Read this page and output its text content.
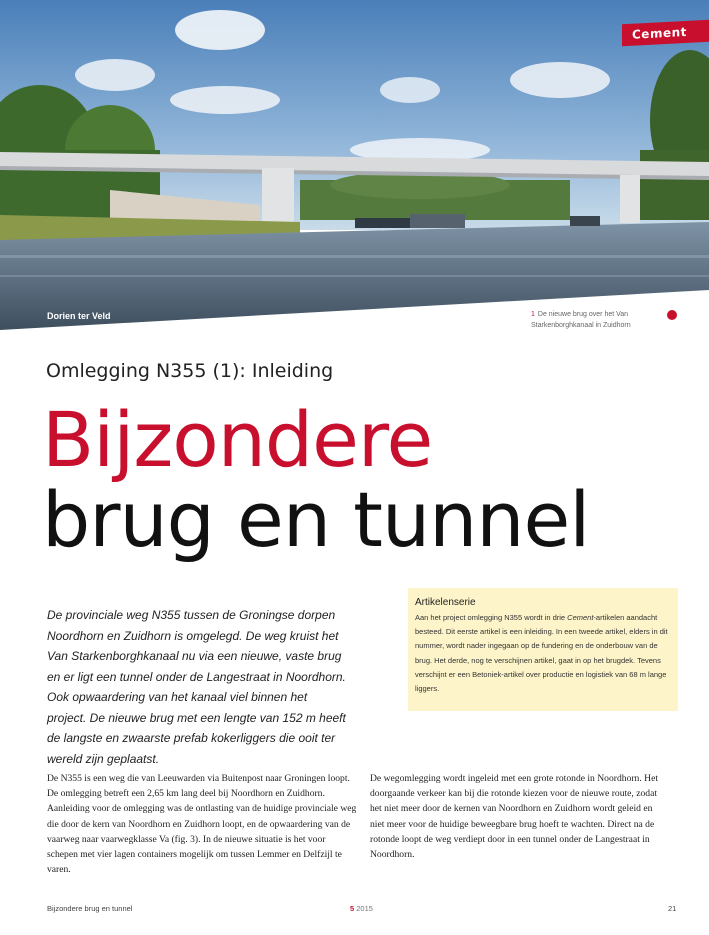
Cement
Dorien ter Veld	1 De nieuwe brug over het Van Starkenborghkanaal in Zuidhorn
Omlegging N355 (1): Inleiding
Bijzondere
brug en tunnel
De provinciale weg N355 tussen de Groningse dorpen Noordhorn en Zuidhorn is omgelegd. De weg kruist het Van Starkenborghkanaal nu via een nieuwe, vaste brug en er ligt een tunnel onder de Langestraat in Noordhorn. Ook opwaardering van het kanaal viel binnen het project. De nieuwe brug met een lengte van 152 m heeft de langste en zwaarste prefab kokerliggers die ooit ter wereld zijn geplaatst.
Artikelenserie

Aan het project omlegging N355 wordt in drie Cement-artikelen aandacht besteed. Dit eerste artikel is een inleiding. In een tweede artikel, elders in dit nummer, wordt nader ingegaan op de fundering en de onderbouw van de brug. Het derde, nog te verschijnen artikel, gaat in op het brugdek. Tevens verschijnt er een Betoniek-artikel over productie en logistiek van 68 m lange liggers.

De N355 is een weg die van Leeuwarden via Buitenpost naar Groningen loopt. De omlegging betreft een 2,65 km lang deel bij Noordhorn en Zuidhorn. Aanleiding voor de omlegging was de ontlasting van de huidige provinciale weg die door de kern van Noordhorn en Zuidhorn loopt, en de opwaardering van de vaarweg naar vaarwegklasse Va (fig. 3). In de nieuwe situatie is het voor schepen met vier lagen containers mogelijk om tussen Lemmer en Delfzijl te varen.
De wegomlegging wordt ingeleid met een grote rotonde in Noordhorn. Het doorgaande verkeer kan bij die rotonde kiezen voor de nieuwe route, zodat het niet meer door de kernen van Noordhorn en Zuidhorn wordt geleid en niet meer voor de huidige beweegbare brug hoeft te wachten. Direct na de rotonde loopt de weg verdiept door in een tunnel onder de Langestraat in Noordhorn.
Bijzondere brug en tunnel	5 2015	21
